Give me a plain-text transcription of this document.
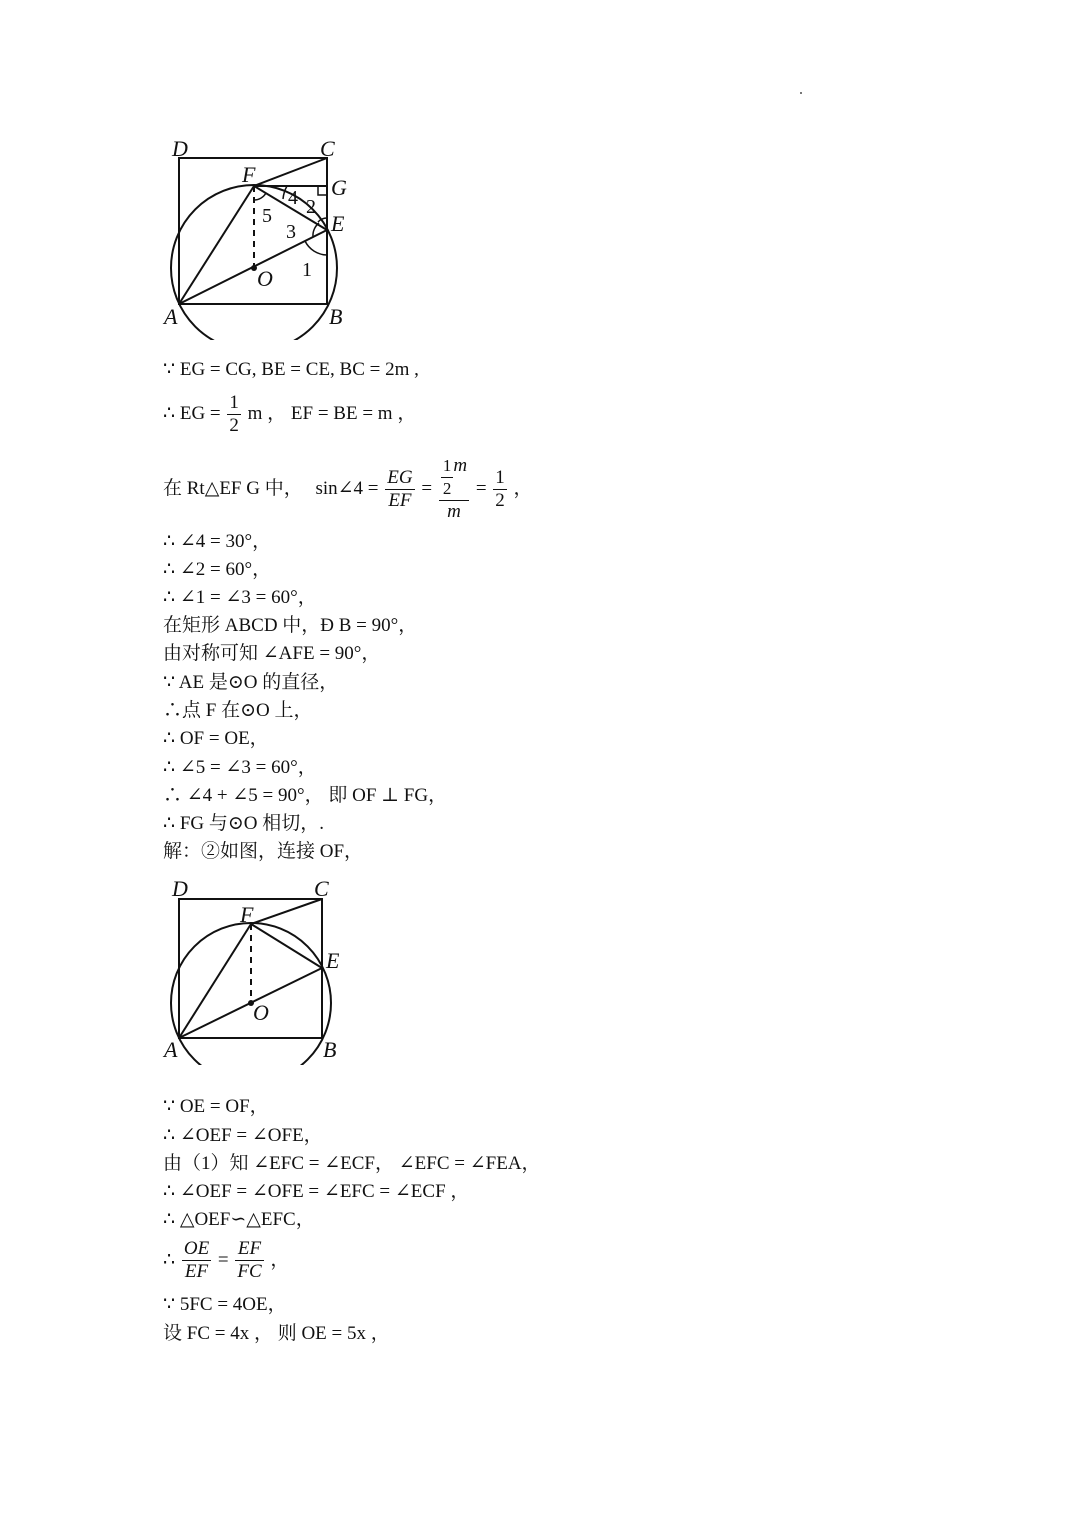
D	C
F
G
E
O
A	B
1
2
3
4
5
∵ EG = CG, BE = CE, BC = 2m ,
∴ EG = $\frac{1}{2}$ m ， EF = BE = m ，
在 Rt△EF G 中， sin∠4 = $\frac{EG}{EF} = \frac{\frac{1}{2} m}{m} = \frac{1}{2}$ ，
∴ ∠4 = 30°，
∴ ∠2 = 60°，
∴ ∠1 = ∠3 = 60°，
在矩形 ABCD 中，Ð B = 90°，
由对称可知 ∠AFE = 90°，
∵ AE 是⊙O 的直径，
∴点 F 在⊙O 上，
∴ OF = OE，
∴ ∠5 = ∠3 = 60°，
∴ ∠4 + ∠5 = 90°， 即 OF ⊥ FG，
∴ FG 与⊙O 相切，.
解：②如图，连接 OF，
D	C
F
E
O
A	B
∵ OE = OF，
∴ ∠OEF = ∠OFE，
由（1）知 ∠EFC = ∠ECF， ∠EFC = ∠FEA，
∴ ∠OEF = ∠OFE = ∠EFC = ∠ECF ，
∴ △OEF∽△EFC，
∴ $\frac{OE}{EF} = \frac{EF}{FC}$ ，
∵ 5FC = 4OE，
设 FC = 4x ， 则 OE = 5x ，
